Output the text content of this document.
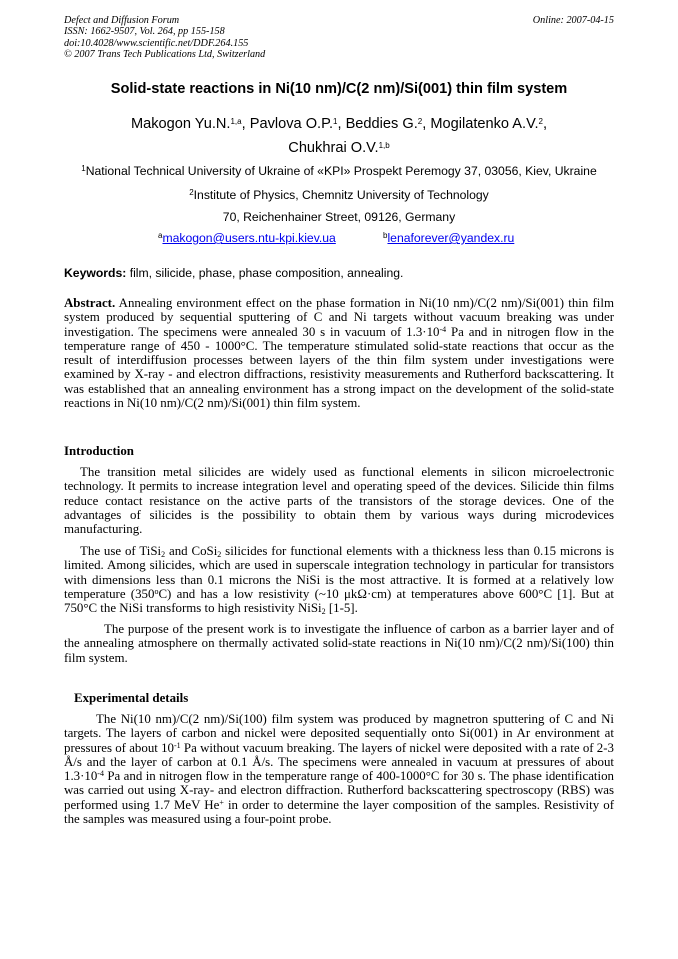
Defect and Diffusion Forum
ISSN: 1662-9507, Vol. 264, pp 155-158
doi:10.4028/www.scientific.net/DDF.264.155
© 2007 Trans Tech Publications Ltd, Switzerland
Online: 2007-04-15
Solid-state reactions in Ni(10 nm)/C(2 nm)/Si(001) thin film system
Makogon Yu.N.$^{1,a}$, Pavlova O.P.$^1$, Beddies G.$^2$, Mogilatenko A.V.$^2$,
Chukhrai O.V.$^{1,b}$
$^1$National Technical University of Ukraine of «KPI» Prospekt Peremogy 37, 03056, Kiev, Ukraine
$^2$Institute of Physics, Chemnitz University of Technology
70, Reichenhainer Street, 09126, Germany
$^a$makogon@users.ntu-kpi.kiev.ua	$^b$lenaforever@yandex.ru
Keywords: film, silicide, phase, phase composition, annealing.
Abstract. Annealing environment effect on the phase formation in Ni(10 nm)/C(2 nm)/Si(001) thin film system produced by sequential sputtering of C and Ni targets without vacuum breaking was under investigation. The specimens were annealed 30 s in vacuum of $1.3\cdot 10^{-4}$ Pa and in nitrogen flow in the temperature range of 450 - 1000°C. The temperature stimulated solid-state reactions that occur as the result of interdiffusion processes between layers of the thin film system under investigations were examined by X-ray - and electron diffractions, resistivity measurements and Rutherford backscattering. It was established that an annealing environment has a strong impact on the development of the solid-state reactions in Ni(10 nm)/C(2 nm)/Si(001) thin film system.
Introduction
The transition metal silicides are widely used as functional elements in silicon microelectronic technology. It permits to increase integration level and operating speed of the devices. Silicide thin films reduce contact resistance on the active parts of the transistors of the storage devices. One of the advantages of silicides is the possibility to obtain them by various ways during microdevices manufacturing.
The use of TiSi$_2$ and CoSi$_2$ silicides for functional elements with a thickness less than 0.15 microns is limited. Among silicides, which are used in superscale integration technology in particular for transistors with dimensions less than 0.1 microns the NiSi is the most attractive. It is formed at a relatively low temperature (350$^o$C) and has a low resistivity (~10 μkΩ·cm) at temperatures above 600°C [1]. But at 750°C the NiSi transforms to high resistivity NiSi$_2$ [1-5].
The purpose of the present work is to investigate the influence of carbon as a barrier layer and of the annealing atmosphere on thermally activated solid-state reactions in Ni(10 nm)/C(2 nm)/Si(100) thin film system.
Experimental details
The Ni(10 nm)/C(2 nm)/Si(100) film system was produced by magnetron sputtering of C and Ni targets. The layers of carbon and nickel were deposited sequentially onto Si(001) in Ar environment at pressures of about $10^{-1}$ Pa without vacuum breaking. The layers of nickel were deposited with a rate of 2-3 Å/s and the layer of carbon at 0.1 Å/s. The specimens were annealed in vacuum at pressures of about $1.3\cdot 10^{-4}$ Pa and in nitrogen flow in the temperature range of 400-1000°C for 30 s. The phase identification was carried out using X-ray- and electron diffraction. Rutherford backscattering spectroscopy (RBS) was performed using 1.7 MeV He+ in order to determine the layer composition of the samples. Resistivity of the samples was measured using a four-point probe.
